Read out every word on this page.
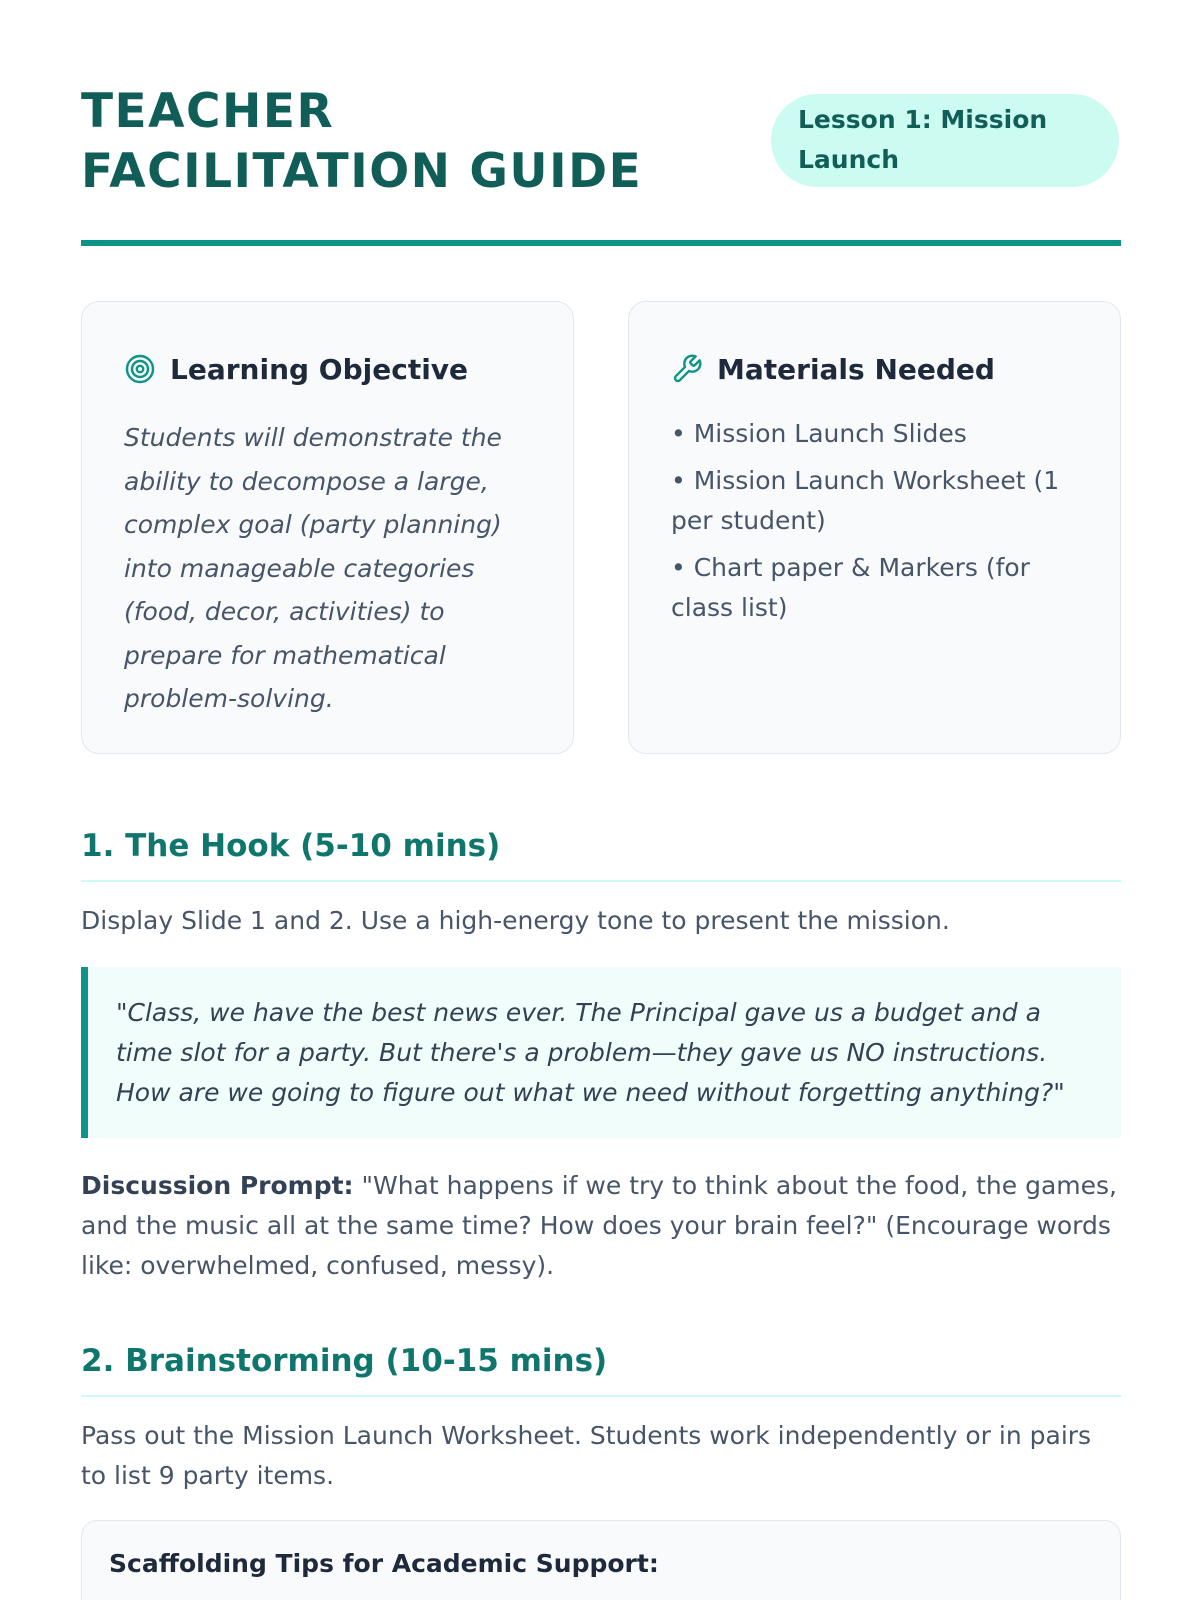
TEACHER FACILITATION GUIDE
Lesson 1: Mission Launch
Learning Objective

Students will demonstrate the ability to decompose a large, complex goal (party planning) into manageable categories (food, decor, activities) to prepare for mathematical problem-solving.

Materials Needed
• Mission Launch Slides
• Mission Launch Worksheet (1 per student)
• Chart paper & Markers (for class list)
1. The Hook (5-10 mins)

Display Slide 1 and 2. Use a high-energy tone to present the mission.

"Class, we have the best news ever. The Principal gave us a budget and a time slot for a party. But there's a problem—they gave us NO instructions. How are we going to figure out what we need without forgetting anything?"

Discussion Prompt: "What happens if we try to think about the food, the games, and the music all at the same time? How does your brain feel?" (Encourage words like: overwhelmed, confused, messy).

2. Brainstorming (10-15 mins)

Pass out the Mission Launch Worksheet. Students work independently or in pairs to list 9 party items.

Scaffolding Tips for Academic Support:
